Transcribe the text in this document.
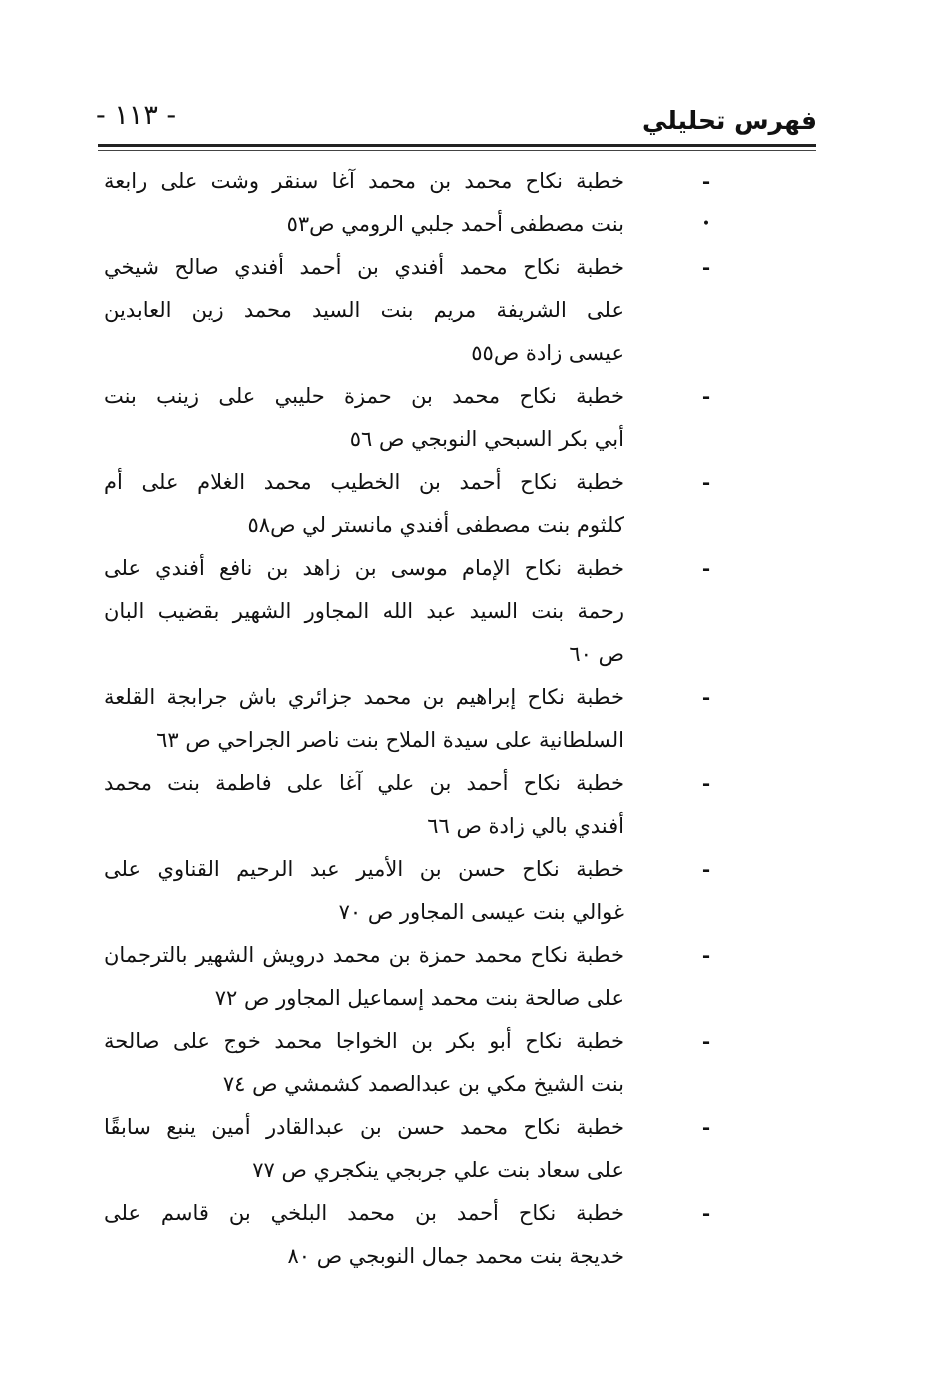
فهرس تحليلي
- ١١٣ -
-
•
خطبة نكاح محمد بن محمد آغا سنقر وشت على رابعة
بنت مصطفى أحمد جلبي الرومي ص٥٣
-
خطبة نكاح محمد أفندي بن أحمد أفندي صالح شيخي
على الشريفة مريم بنت السيد محمد زين العابدين
عيسى زادة ص٥٥
-
خطبة نكاح محمد بن حمزة حليبي على زينب بنت
أبي بكر السبحي النوبجي ص ٥٦
-
خطبة نكاح أحمد بن الخطيب محمد الغلام على أم
كلثوم بنت مصطفى أفندي مانستر لي ص٥٨
-
خطبة نكاح الإمام موسى بن زاهد بن نافع أفندي على
رحمة بنت السيد عبد الله المجاور الشهير بقضيب البان
ص ٦٠
-
خطبة نكاح إبراهيم بن محمد جزائري باش جرابجة القلعة
السلطانية على سيدة الملاح بنت ناصر الجراحي ص ٦٣
-
خطبة نكاح أحمد بن علي آغا على فاطمة بنت محمد
أفندي بالي زادة ص ٦٦
-
خطبة نكاح حسن بن الأمير عبد الرحيم القناوي على
غوالي بنت عيسى المجاور ص ٧٠
-
خطبة نكاح محمد حمزة بن محمد درويش الشهير بالترجمان
على صالحة بنت محمد إسماعيل المجاور ص ٧٢
-
خطبة نكاح أبو بكر بن الخواجا محمد خوج على صالحة
بنت الشيخ مكي بن عبدالصمد كشمشي ص ٧٤
-
خطبة نكاح محمد حسن بن عبدالقادر أمين ينبع سابقًا
على سعاد بنت علي جربجي ينكجري ص ٧٧
-
خطبة نكاح أحمد بن محمد البلخي بن قاسم على
خديجة بنت محمد جمال النوبجي ص ٨٠
